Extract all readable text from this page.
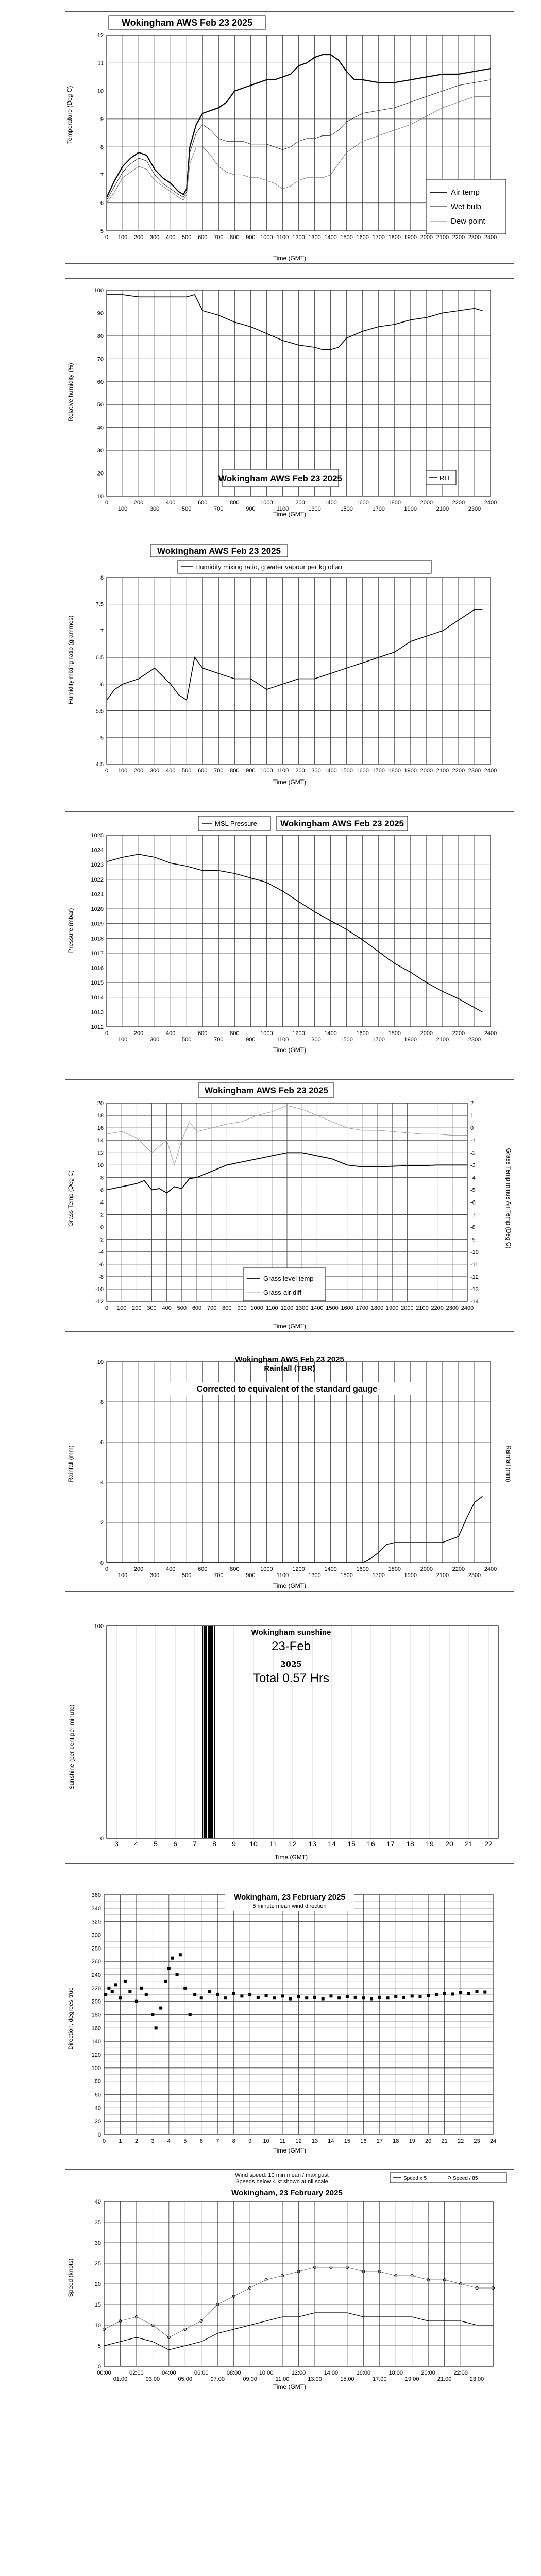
Wokingham AWS Feb 23 2025
5
6
7
8
9
10
11
12
0 100 200 300 400 500 600 700 800 900 1000 1100 1200 1300 1400 1500 1600 1700 1800 1900 2000 2100 2200 2300 2400
Temperature (Deg C)
Time (GMT)
Air temp
Wet bulb
Dew point
10
20
30
40
50
60
70
80
90
100
0
100
200
300
400
500
600
700
800
900
1000
1100
1200
1300
1400
1500
1600
1700
1800
1900
2000
2100
2200
2300
2400
Wokingham AWS Feb 23 2025	RH
Relative humidity (%)
Time (GMT)
Wokingham AWS Feb 23 2025
4.5
5
5.5
6
6.5
7
7.5
8
0 100 200 300 400 500 600 700 800 900 1000 1100 1200 1300 1400 1500 1600 1700 1800 1900 2000 2100 2200 2300 2400
Humidity mixing ratio, g water vapour per kg of air
Humidity mixing ratio (grammes)
Time (GMT)
1012
1013
1014
1015
1016
1017
1018
1019
1020
1021
1022
1023
1024
1025
0
100
200
300
400
500
600
700
800
900
1000
1100
1200
1300
1400
1500
1600
1700
1800
1900
2000
2100
2200
2300
2400
MSL Pressure	Wokingham AWS Feb 23 2025
Pressure (mbar)
Time (GMT)
Wokingham AWS Feb 23 2025
-12
-10
-8
-6
-4
-2
0
2
4
6
8
10
12
14
16
18
20
-14
-13
-12
-11
-10
-9
-8
-7
-6
-5
-4
-3
-2
-1
0
1
2
0 100 200 300 400 500 600 700 800 900 1000 1100 1200 1300 1400 1500 1600 1700 1800 1900 2000 2100 2200 2300 2400
Grass level temp
Grass-air diff
Grass Temp (Deg C)	Grass Temp minus Air Temp (Deg C)
Time (GMT)
0
2
4
6
8
10
0
100
200
300
400
500
600
700
800
900
1000
1100
1200
1300
1400
1500
1600
1700
1800
1900
2000
2100
2200
2300
2400
Wokingham AWS Feb 23 2025
Rainfall (TBR)
Corrected to equivalent of the standard gauge
Rainfall (mm)	Rainfall (mm)
Time (GMT)
0
100
3 4 5 6 7 8 9 10 11 12 13 14 15 16 17 18 19 20 21 22
Wokingham sunshine
23-Feb
2025
Total 0.57 Hrs
Sunshine (per cent per minute)
Time (GMT)
0
20
40
60
80
100
120
140
160
180
200
220
240
260
280
300
320
340
360
0 1 2 3 4 5 6 7 8 9 10 11 12 13 14 15 16 17 18 19 20 21 22 23 24
Wokingham, 23 February 2025
5 minute mean wind direction
Direction, degrees true
Time (GMT)
0
5
10
15
20
25
30
35
40
00:00
01:00
02:00
03:00
04:00
05:00
06:00
07:00
08:00
09:00
10:00
11:00
12:00
13:00
14:00
15:00
16:00
17:00
18:00
19:00
20:00
21:00
22:00
23:00
Wind speed: 10 min mean / max gust
Speeds below 4 kt shown at nil scale
Speed x 5	Speed / 85
Wokingham, 23 February 2025
Speed (knots)
Time (GMT)
